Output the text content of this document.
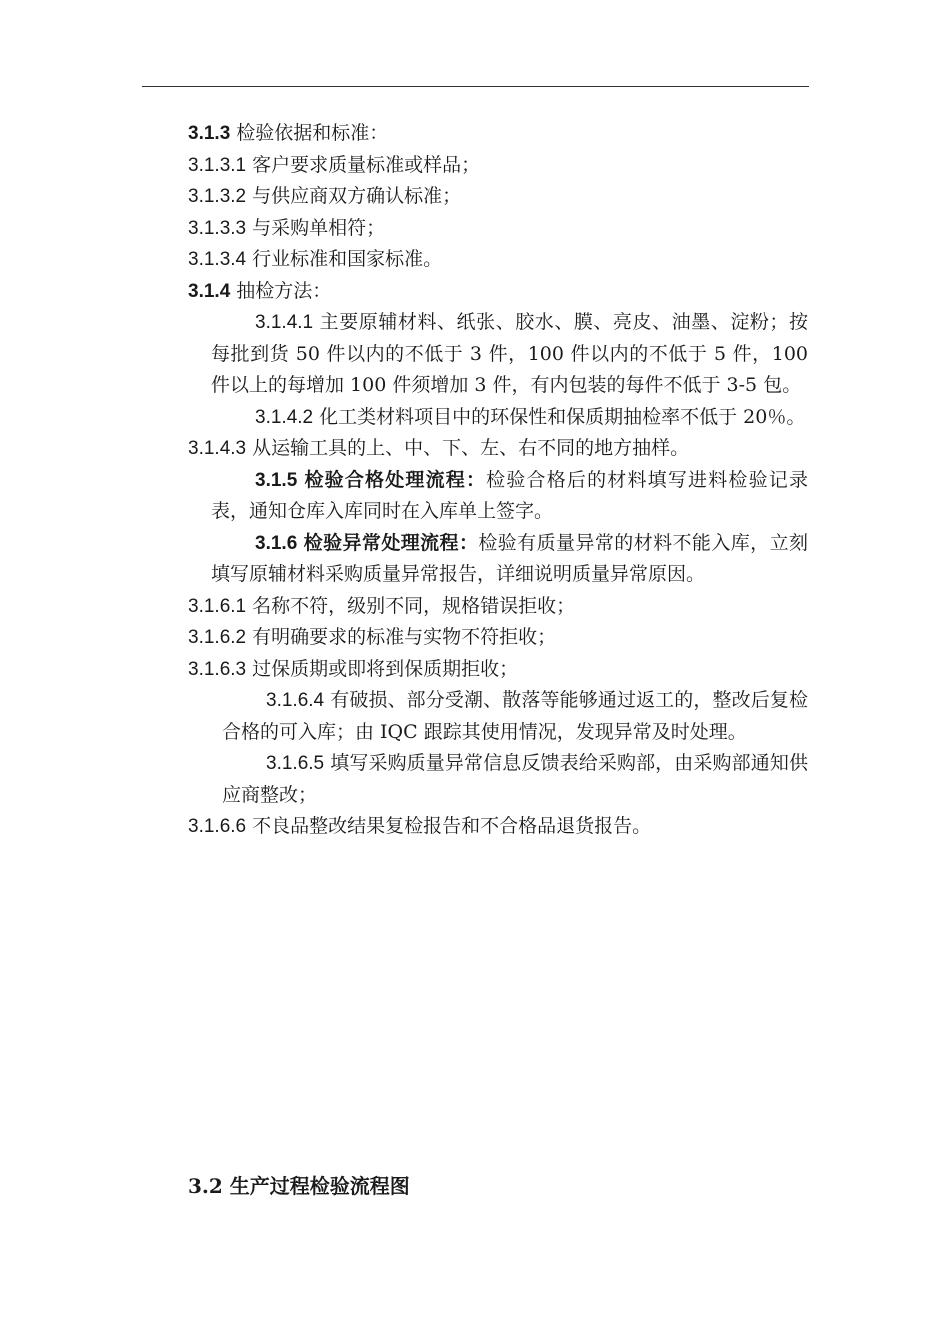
3.1.3 检验依据和标准：

3.1.3.1 客户要求质量标准或样品；

3.1.3.2 与供应商双方确认标准；

3.1.3.3 与采购单相符；

3.1.3.4 行业标准和国家标准。

3.1.4 抽检方法：

3.1.4.1 主要原辅材料、纸张、胶水、膜、亮皮、油墨、淀粉；按每批到货 50 件以内的不低于 3 件，100 件以内的不低于 5 件，100 件以上的每增加 100 件须增加 3 件，有内包装的每件不低于 3-5 包。

3.1.4.2 化工类材料项目中的环保性和保质期抽检率不低于 20％。

3.1.4.3 从运输工具的上、中、下、左、右不同的地方抽样。

3.1.5 检验合格处理流程：检验合格后的材料填写进料检验记录表，通知仓库入库同时在入库单上签字。

3.1.6 检验异常处理流程：检验有质量异常的材料不能入库，立刻填写原辅材料采购质量异常报告，详细说明质量异常原因。

3.1.6.1 名称不符，级别不同，规格错误拒收；

3.1.6.2 有明确要求的标准与实物不符拒收；

3.1.6.3 过保质期或即将到保质期拒收；

3.1.6.4 有破损、部分受潮、散落等能够通过返工的，整改后复检合格的可入库；由 IQC 跟踪其使用情况，发现异常及时处理。

3.1.6.5 填写采购质量异常信息反馈表给采购部，由采购部通知供应商整改；

3.1.6.6 不良品整改结果复检报告和不合格品退货报告。

3.2 生产过程检验流程图
